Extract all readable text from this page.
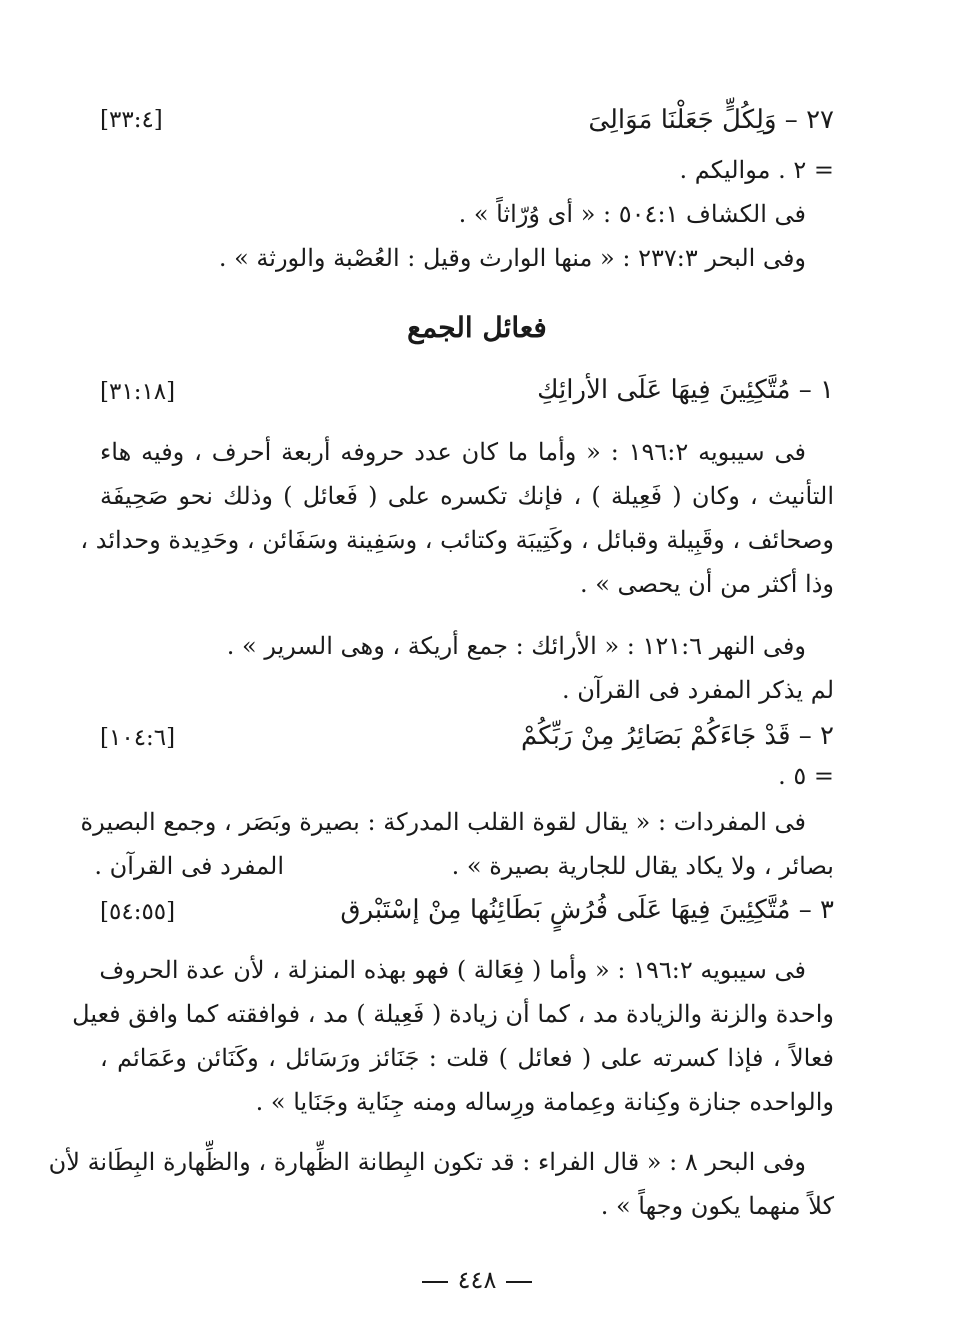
٢٧ – وَلِكُلٍّ جَعَلْنَا مَوَالِىَ
[٣٣:٤]
= ٢ . مواليكم .
فى الكشاف ٥٠٤:١ : « أى وُرّاثاً » .
وفى البحر ٢٣٧:٣ : « منها الوارث وقيل : العُصْبة والورثة » .
فعائل الجمع
١ – مُتَّكِئِينَ فِيهَا عَلَى الأرائِكِ
[٣١:١٨]
فى سيبويه ١٩٦:٢ : « وأما ما كان عدد حروفه أربعة أحرف ، وفيه هاء
التأنيث ، وكان ( فَعِيلة ) ، فإنك تكسره على ( فَعائل ) وذلك نحو صَحِيفَة
وصحائف ، وقَبِيلة وقبائل ، وكَتِيبَة وكتائب ، وسَفِينة وسَفَائن ، وحَدِيدة وحدائد ،
وذا أكثر من أن يحصى » .
وفى النهر ١٢١:٦ : « الأرائك : جمع أريكة ، وهى السرير » .
لم يذكر المفرد فى القرآن .
٢ – قَدْ جَاءَكُمْ بَصَائِرُ مِنْ رَبِّكُمْ
[١٠٤:٦]
= ٥ .
فى المفردات : « يقال لقوة القلب المدركة : بصيرة وبَصَر ، وجمع البصيرة
بصائر ، ولا يكاد يقال للجارية بصيرة » .
المفرد فى القرآن .
٣ – مُتَّكِئِينَ فِيهَا عَلَى فُرُشٍ بَطَائِنُها مِنْ إسْتَبْرق
[٥٤:٥٥]
فى سيبويه ١٩٦:٢ : « وأما ( فِعَالة ) فهو بهذه المنزلة ، لأن عدة الحروف
واحدة والزنة والزيادة مد ، كما أن زيادة ( فَعِيلة ) مد ، فوافقته كما وافق فعيل
فعالاً ، فإذا كسرته على ( فعائل ) قلت : جَنَائز ورَسَائل ، وكَنَائن وعَمَائم ،
والواحده جنازة وكِنانة وعِمامة ورِساله ومنه جِنَاية وجَنَايا » .
وفى البحر ٨ : « قال الفراء : قد تكون البِطانة الظِّهارة ، والظِّهارة البِطَانة لأن
كلاً منهما يكون وجهاً » .
٤٤٨
